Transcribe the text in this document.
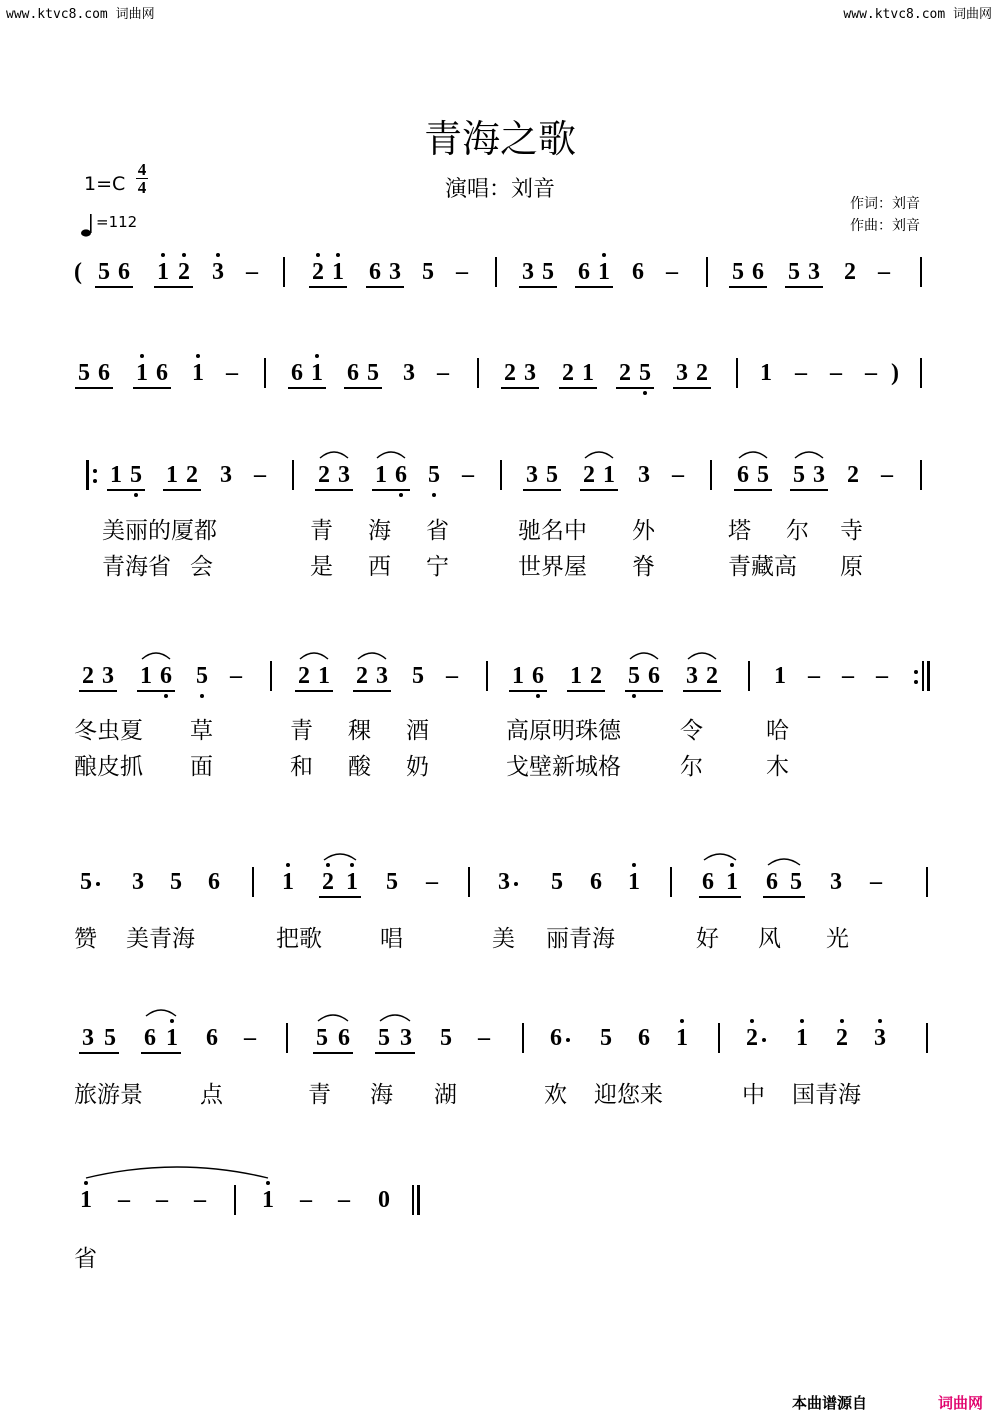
www.ktvc8.com 词曲网	www.ktvc8.com 词曲网
青海之歌
演唱：刘音
作词：刘音
作曲：刘音
$1=C \frac{4}{4}$
=112
( 5 6 1 2 3 – 2 1 6 3 5 – 3 5 6 1 6 – 5 6 5 3 2 –
5 6 1 6 1 – 6 1 6 5 3 – 2 3 2 1 2 5 3 2 1 – – – )
1 5 1 2 3 – 2 3 1 6 5 – 3 5 2 1 3 – 6 5 5 3 2 –
2 3 1 6 5 – 2 1 2 3 5 – 1 6 1 2 5 6 3 2 1 – – –
5 3 5 6	1 2 1 5 –	3 5 6 1	6 1 6 5 3 –
3 5 6 1 6 –	5 6 5 3 5 –	6 5 6 1 2 1 2 3
1 – – – 1 – – 0
美丽的厦都	青 海 省	驰名中 外	塔 尔 寺
青海省 会	是 西 宁	世界屋 脊	青藏高 原
冬虫夏 草	青 稞 酒	高原明珠德	令	哈
酿皮抓 面	和 酸 奶	戈壁新城格	尔	木
赞 美青海	把歌	唱	美 丽青海	好 风 光
旅游景 点	青 海 湖	欢 迎您来	中 国青海
省
本曲谱源自	词曲网
